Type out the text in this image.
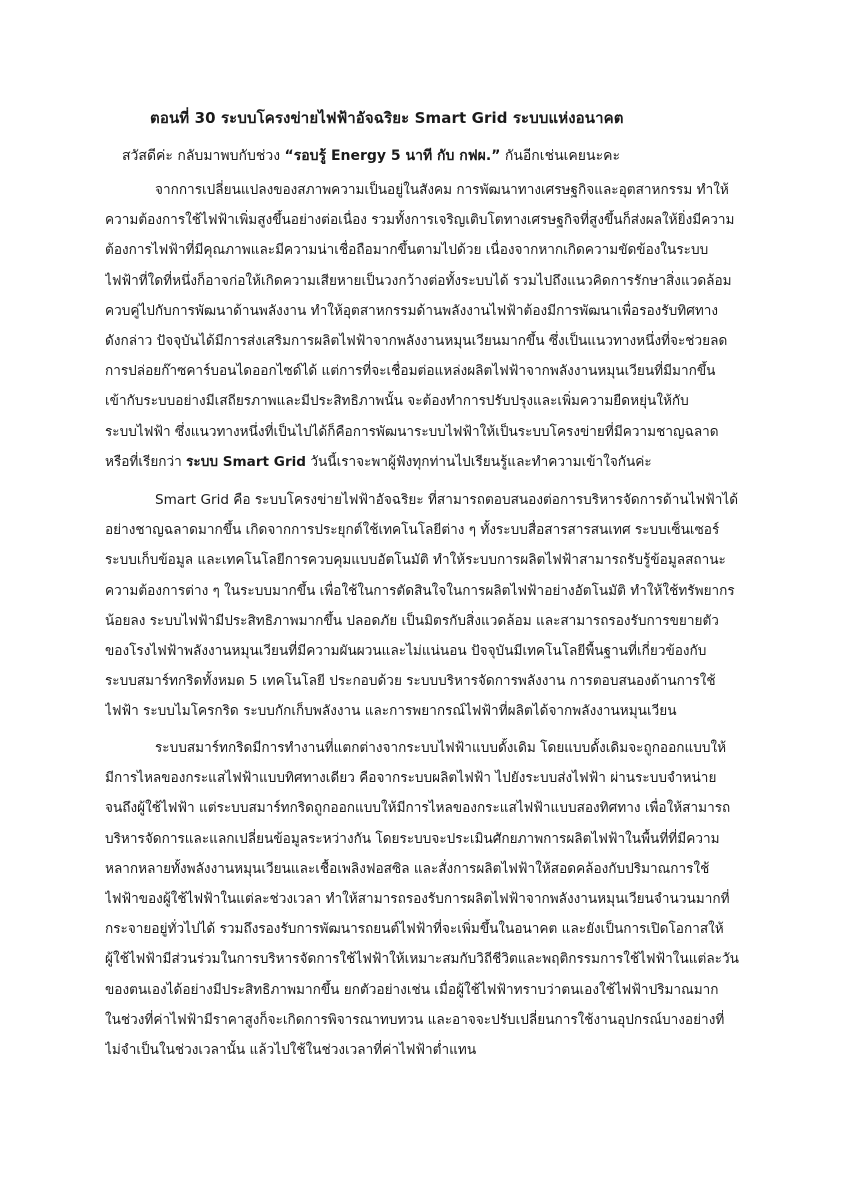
ตอนที่ 30 ระบบโครงข่ายไฟฟ้าอัจฉริยะ Smart Grid ระบบแห่งอนาคต
สวัสดีค่ะ กลับมาพบกับช่วง “รอบรู้ Energy 5 นาที กับ กฟผ.” กันอีกเช่นเคยนะคะ
จากการเปลี่ยนแปลงของสภาพความเป็นอยู่ในสังคม การพัฒนาทางเศรษฐกิจและอุตสาหกรรม ทำให้
ความต้องการใช้ไฟฟ้าเพิ่มสูงขึ้นอย่างต่อเนื่อง รวมทั้งการเจริญเติบโตทางเศรษฐกิจที่สูงขึ้นก็ส่งผลให้ยิ่งมีความ
ต้องการไฟฟ้าที่มีคุณภาพและมีความน่าเชื่อถือมากขึ้นตามไปด้วย เนื่องจากหากเกิดความขัดข้องในระบบ
ไฟฟ้าที่ใดที่หนึ่งก็อาจก่อให้เกิดความเสียหายเป็นวงกว้างต่อทั้งระบบได้ รวมไปถึงแนวคิดการรักษาสิ่งแวดล้อม
ควบคู่ไปกับการพัฒนาด้านพลังงาน ทำให้อุตสาหกรรมด้านพลังงานไฟฟ้าต้องมีการพัฒนาเพื่อรองรับทิศทาง
ดังกล่าว ปัจจุบันได้มีการส่งเสริมการผลิตไฟฟ้าจากพลังงานหมุนเวียนมากขึ้น ซึ่งเป็นแนวทางหนึ่งที่จะช่วยลด
การปล่อยก๊าซคาร์บอนไดออกไซด์ได้ แต่การที่จะเชื่อมต่อแหล่งผลิตไฟฟ้าจากพลังงานหมุนเวียนที่มีมากขึ้น
เข้ากับระบบอย่างมีเสถียรภาพและมีประสิทธิภาพนั้น จะต้องทำการปรับปรุงและเพิ่มความยืดหยุ่นให้กับ
ระบบไฟฟ้า ซึ่งแนวทางหนึ่งที่เป็นไปได้ก็คือการพัฒนาระบบไฟฟ้าให้เป็นระบบโครงข่ายที่มีความชาญฉลาด
หรือที่เรียกว่า ระบบ Smart Grid วันนี้เราจะพาผู้ฟังทุกท่านไปเรียนรู้และทำความเข้าใจกันค่ะ
Smart Grid คือ ระบบโครงข่ายไฟฟ้าอัจฉริยะ ที่สามารถตอบสนองต่อการบริหารจัดการด้านไฟฟ้าได้
อย่างชาญฉลาดมากขึ้น เกิดจากการประยุกต์ใช้เทคโนโลยีต่าง ๆ ทั้งระบบสื่อสารสารสนเทศ ระบบเซ็นเซอร์
ระบบเก็บข้อมูล และเทคโนโลยีการควบคุมแบบอัตโนมัติ ทำให้ระบบการผลิตไฟฟ้าสามารถรับรู้ข้อมูลสถานะ
ความต้องการต่าง ๆ ในระบบมากขึ้น เพื่อใช้ในการตัดสินใจในการผลิตไฟฟ้าอย่างอัตโนมัติ ทำให้ใช้ทรัพยากร
น้อยลง ระบบไฟฟ้ามีประสิทธิภาพมากขึ้น ปลอดภัย เป็นมิตรกับสิ่งแวดล้อม และสามารถรองรับการขยายตัว
ของโรงไฟฟ้าพลังงานหมุนเวียนที่มีความผันผวนและไม่แน่นอน ปัจจุบันมีเทคโนโลยีพื้นฐานที่เกี่ยวข้องกับ
ระบบสมาร์ทกริดทั้งหมด 5 เทคโนโลยี ประกอบด้วย ระบบบริหารจัดการพลังงาน การตอบสนองด้านการใช้
ไฟฟ้า ระบบไมโครกริด ระบบกักเก็บพลังงาน และการพยากรณ์ไฟฟ้าที่ผลิตได้จากพลังงานหมุนเวียน
ระบบสมาร์ทกริดมีการทำงานที่แตกต่างจากระบบไฟฟ้าแบบดั้งเดิม โดยแบบดั้งเดิมจะถูกออกแบบให้
มีการไหลของกระแสไฟฟ้าแบบทิศทางเดียว คือจากระบบผลิตไฟฟ้า ไปยังระบบส่งไฟฟ้า ผ่านระบบจำหน่าย
จนถึงผู้ใช้ไฟฟ้า แต่ระบบสมาร์ทกริดถูกออกแบบให้มีการไหลของกระแสไฟฟ้าแบบสองทิศทาง เพื่อให้สามารถ
บริหารจัดการและแลกเปลี่ยนข้อมูลระหว่างกัน โดยระบบจะประเมินศักยภาพการผลิตไฟฟ้าในพื้นที่ที่มีความ
หลากหลายทั้งพลังงานหมุนเวียนและเชื้อเพลิงฟอสซิล และสั่งการผลิตไฟฟ้าให้สอดคล้องกับปริมาณการใช้
ไฟฟ้าของผู้ใช้ไฟฟ้าในแต่ละช่วงเวลา ทำให้สามารถรองรับการผลิตไฟฟ้าจากพลังงานหมุนเวียนจำนวนมากที่
กระจายอยู่ทั่วไปได้ รวมถึงรองรับการพัฒนารถยนต์ไฟฟ้าที่จะเพิ่มขึ้นในอนาคต และยังเป็นการเปิดโอกาสให้
ผู้ใช้ไฟฟ้ามีส่วนร่วมในการบริหารจัดการใช้ไฟฟ้าให้เหมาะสมกับวิถีชีวิตและพฤติกรรมการใช้ไฟฟ้าในแต่ละวัน
ของตนเองได้อย่างมีประสิทธิภาพมากขึ้น ยกตัวอย่างเช่น เมื่อผู้ใช้ไฟฟ้าทราบว่าตนเองใช้ไฟฟ้าปริมาณมาก
ในช่วงที่ค่าไฟฟ้ามีราคาสูงก็จะเกิดการพิจารณาทบทวน และอาจจะปรับเปลี่ยนการใช้งานอุปกรณ์บางอย่างที่
ไม่จำเป็นในช่วงเวลานั้น แล้วไปใช้ในช่วงเวลาที่ค่าไฟฟ้าต่ำแทน
